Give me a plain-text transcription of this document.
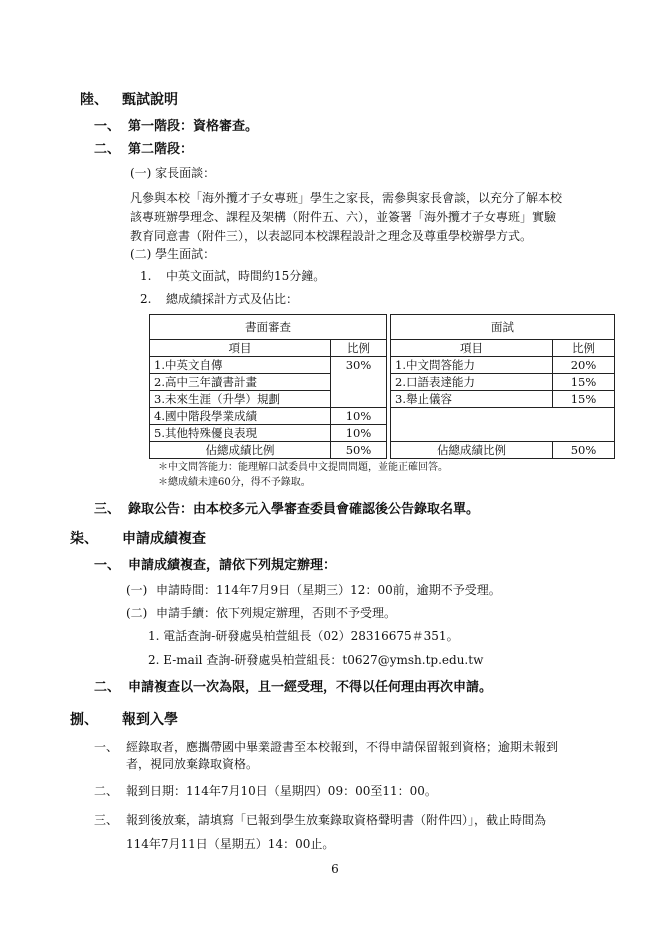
陸、 甄試說明
一、 第一階段：資格審查。
二、 第二階段：
(一) 家長面談：
凡參與本校「海外攬才子女專班」學生之家長，需參與家長會談，以充分了解本校
該專班辦學理念、課程及架構（附件五、六），並簽署「海外攬才子女專班」實驗
教育同意書（附件三），以表認同本校課程設計之理念及尊重學校辦學方式。
(二) 學生面試：
1. 中英文面試，時間約15分鐘。
2. 總成績採計方式及佔比：
書面審查			面試	
項目	比例		項目	比例
1.中英文自傳	30%		1.中文問答能力	20%
2.高中三年讀書計畫			2.口語表達能力	15%
3.未來生涯（升學）規劃			3.舉止儀容	15%
4.國中階段學業成績	10%			
5.其他特殊優良表現	10%			
佔總成績比例	50%		佔總成績比例	50%
＊中文問答能力：能理解口試委員中文提問問題，並能正確回答。
＊總成績未達60分，得不予錄取。
三、 錄取公告：由本校多元入學審查委員會確認後公告錄取名單。
柒、 申請成績複查
一、 申請成績複查，請依下列規定辦理：
(一) 申請時間：114年7月9日（星期三）12：00前，逾期不予受理。
(二) 申請手續：依下列規定辦理，否則不予受理。
1. 電話查詢-研發處吳柏萱組長（02）28316675＃351。
2. E-mail 查詢-研發處吳柏萱組長：t0627@ymsh.tp.edu.tw
二、 申請複查以一次為限，且一經受理，不得以任何理由再次申請。
捌、 報到入學
一、 經錄取者，應攜帶國中畢業證書至本校報到，不得申請保留報到資格；逾期未報到
者，視同放棄錄取資格。
二、 報到日期：114年7月10日（星期四）09：00至11：00。
三、 報到後放棄，請填寫「已報到學生放棄錄取資格聲明書（附件四）」，截止時間為
114年7月11日（星期五）14：00止。
6
